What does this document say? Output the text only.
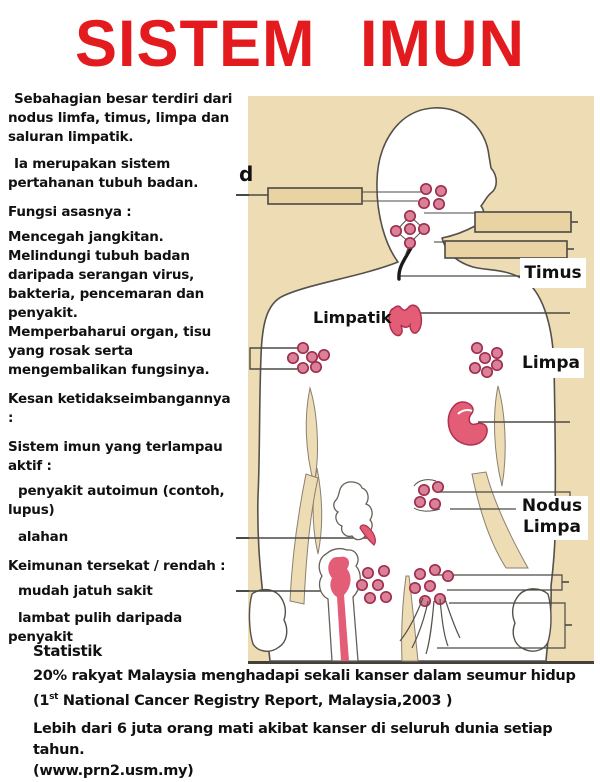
SISTEM IMUN

Sebahagian besar terdiri dari nodus limfa, timus, limpa dan saluran limpatik.

Ia merupakan sistem pertahanan tubuh badan.

Fungsi asasnya :

Mencegah jangkitan.

Melindungi tubuh badan daripada serangan virus, bakteria, pencemaran dan penyakit.

Memperbaharui organ, tisu yang rosak serta mengembalikan fungsinya.

Kesan ketidakseimbangannya :

Sistem imun yang terlampau aktif :

penyakit autoimun (contoh, lupus)

alahan

Keimunan tersekat / rendah :

mudah jatuh sakit

lambat pulih daripada penyakit

d
Limpatik
Timus
Limpa
Nodus
Limpa

Statistik

20% rakyat Malaysia menghadapi sekali kanser dalam seumur hidup
(1st National Cancer Registry Report, Malaysia,2003 )

Lebih dari 6 juta orang mati akibat kanser di seluruh dunia setiap tahun.
(www.prn2.usm.my)
